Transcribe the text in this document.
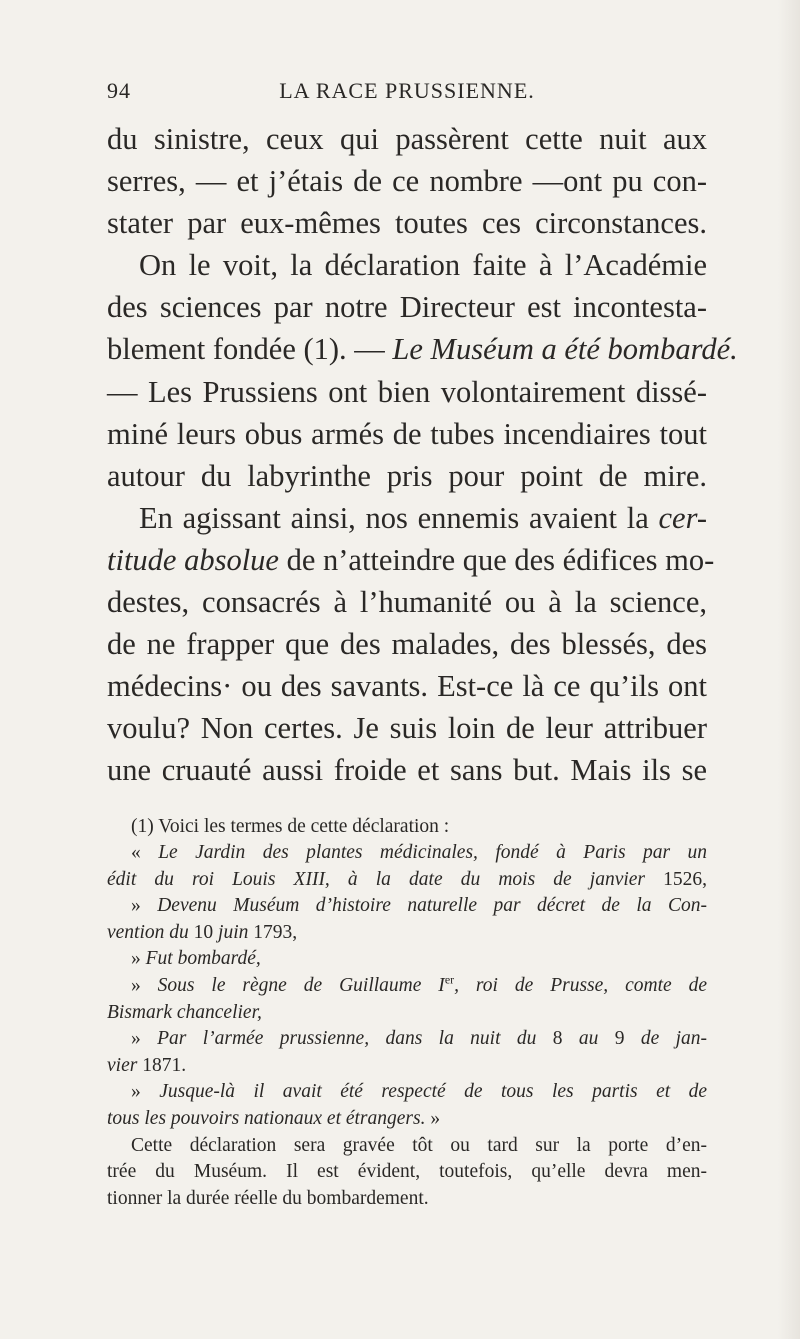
94	LA RACE PRUSSIENNE.
du sinistre, ceux qui passèrent cette nuit aux
serres, — et j’étais de ce nombre —ont pu con-
stater par eux-mêmes toutes ces circonstances.
On le voit, la déclaration faite à l’Académie
des sciences par notre Directeur est incontesta-
blement fondée (1). — Le Muséum a été bombardé.
— Les Prussiens ont bien volontairement dissé-
miné leurs obus armés de tubes incendiaires tout
autour du labyrinthe pris pour point de mire.
En agissant ainsi, nos ennemis avaient la cer-
titude absolue de n’atteindre que des édifices mo-
destes, consacrés à l’humanité ou à la science,
de ne frapper que des malades, des blessés, des
médecins· ou des savants. Est-ce là ce qu’ils ont
voulu? Non certes. Je suis loin de leur attribuer
une cruauté aussi froide et sans but. Mais ils se
(1) Voici les termes de cette déclaration :
« Le Jardin des plantes médicinales, fondé à Paris par un
édit du roi Louis XIII, à la date du mois de janvier 1526,
» Devenu Muséum d’histoire naturelle par décret de la Con-
vention du 10 juin 1793,
» Fut bombardé,
» Sous le règne de Guillaume Ier, roi de Prusse, comte de
Bismark chancelier,
» Par l’armée prussienne, dans la nuit du 8 au 9 de jan-
vier 1871.
» Jusque-là il avait été respecté de tous les partis et de
tous les pouvoirs nationaux et étrangers. »
Cette déclaration sera gravée tôt ou tard sur la porte d’en-
trée du Muséum. Il est évident, toutefois, qu’elle devra men-
tionner la durée réelle du bombardement.
